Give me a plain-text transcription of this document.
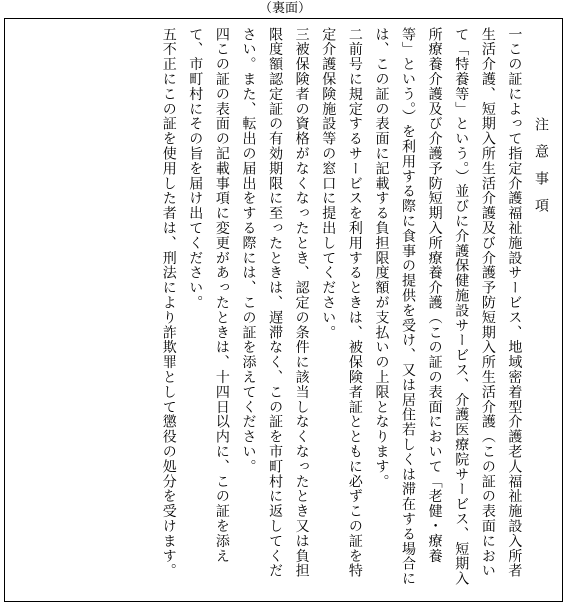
（裏面）
注意事項
一この証によって指定介護福祉施設サービス、地域密着型介護老人福祉施設入所者
生活介護、短期入所生活介護及び介護予防短期入所生活介護（この証の表面におい
て「特養等」という。）並びに介護保健施設サービス、介護医療院サービス、短期入
所療養介護及び介護予防短期入所療養介護（この証の表面において「老健・療養
等」という。）を利用する際に食事の提供を受け、又は居住若しくは滞在する場合に
は、この証の表面に記載する負担限度額が支払いの上限となります。
二前号に規定するサービスを利用するときは、被保険者証とともに必ずこの証を特
定介護保険施設等の窓口に提出してください。
三被保険者の資格がなくなったとき、認定の条件に該当しなくなったとき又は負担
限度額認定証の有効期限に至ったときは、遅滞なく、この証を市町村に返してくだ
さい。また、転出の届出をする際には、この証を添えてください。
四この証の表面の記載事項に変更があったときは、十四日以内に、この証を添え
て、市町村にその旨を届け出てください。
五不正にこの証を使用した者は、刑法により詐欺罪として懲役の処分を受けます。
